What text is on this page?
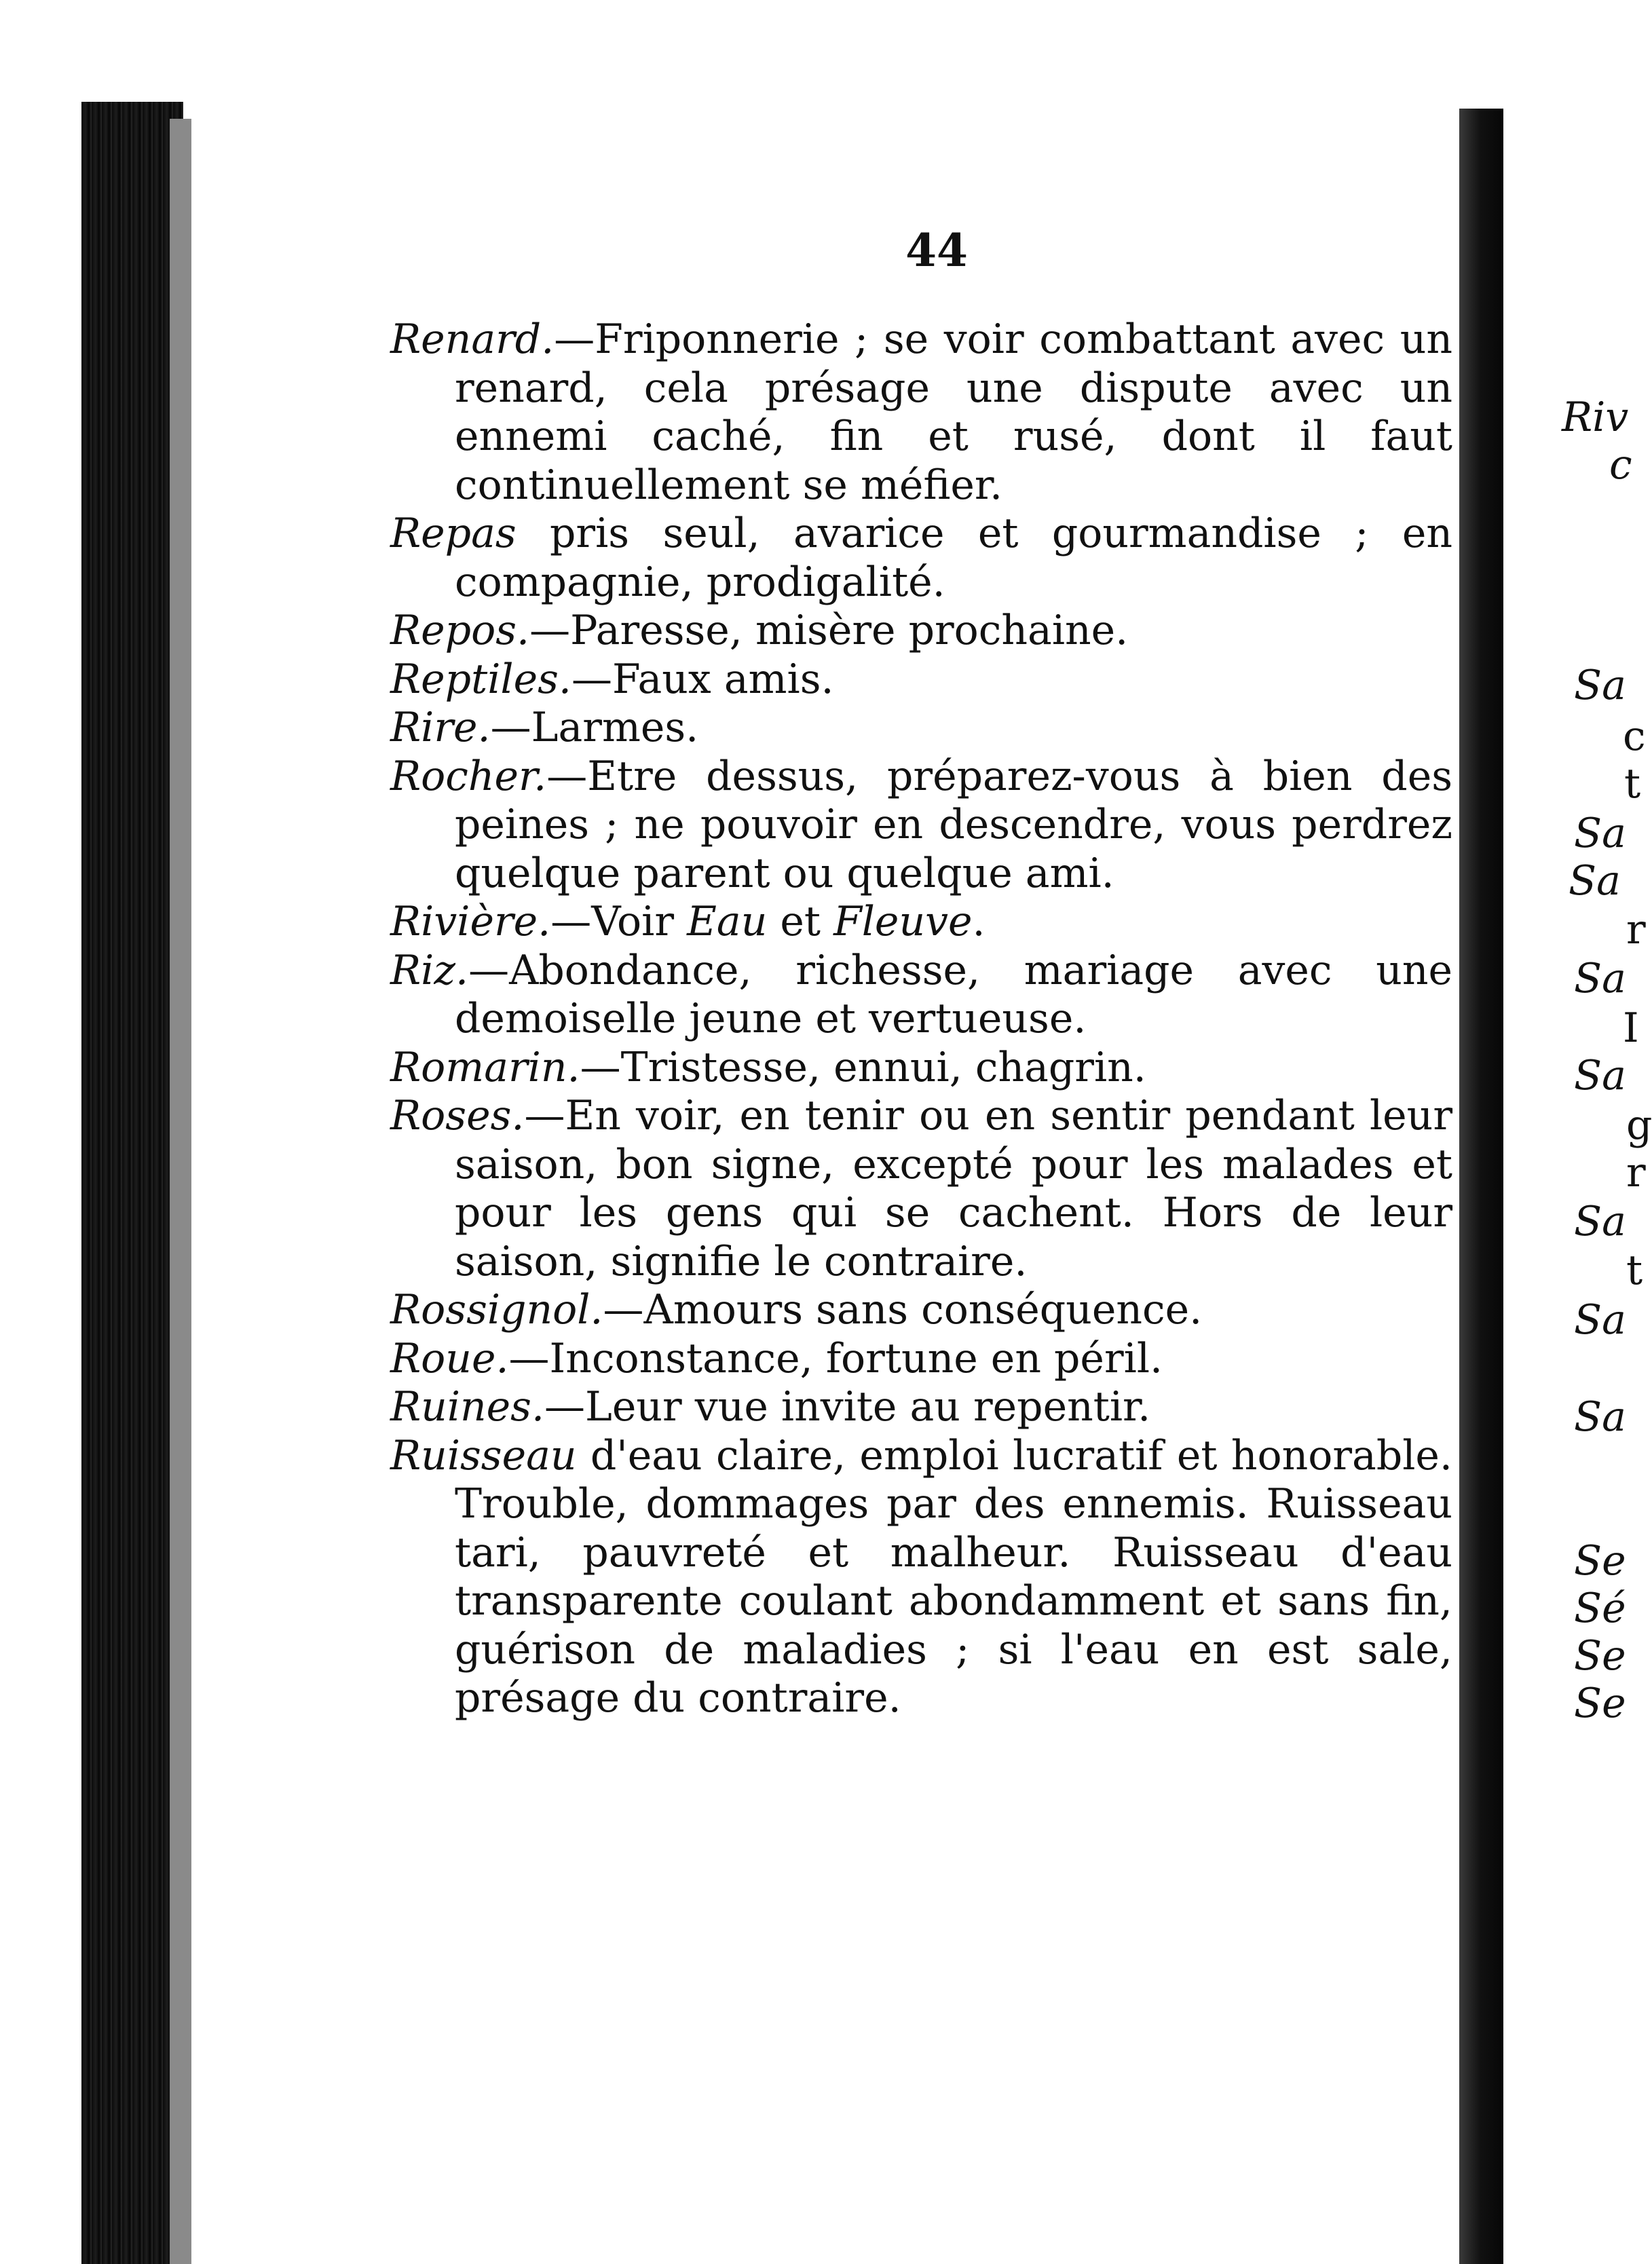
44

Renard.—Friponnerie ; se voir combattant avec un renard, cela présage une dispute avec un ennemi caché, fin et rusé, dont il faut continuellement se méfier.

Repas pris seul, avarice et gourmandise ; en compagnie, prodigalité.

Repos.—Paresse, misère prochaine.

Reptiles.—Faux amis.

Rire.—Larmes.

Rocher.—Etre dessus, préparez-vous à bien des peines ; ne pouvoir en descendre, vous perdrez quelque parent ou quelque ami.

Rivière.—Voir Eau et Fleuve.

Riz.—Abondance, richesse, mariage avec une demoiselle jeune et vertueuse.

Romarin.—Tristesse, ennui, chagrin.

Roses.—En voir, en tenir ou en sentir pendant leur saison, bon signe, excepté pour les malades et pour les gens qui se cachent. Hors de leur saison, signifie le contraire.

Rossignol.—Amours sans conséquence.

Roue.—Inconstance, fortune en péril.

Ruines.—Leur vue invite au repentir.

Ruisseau d'eau claire, emploi lucratif et honorable. Trouble, dommages par des ennemis. Ruisseau tari, pauvreté et malheur. Ruisseau d'eau transparente coulant abondamment et sans fin, guérison de maladies ; si l'eau en est sale, présage du contraire.

Riv
c
Sa
c
t
Sa
Sa
r
Sa
I
Sa
g
r
Sa
t
Sa
Sa
Se
Sé
Se
Se
